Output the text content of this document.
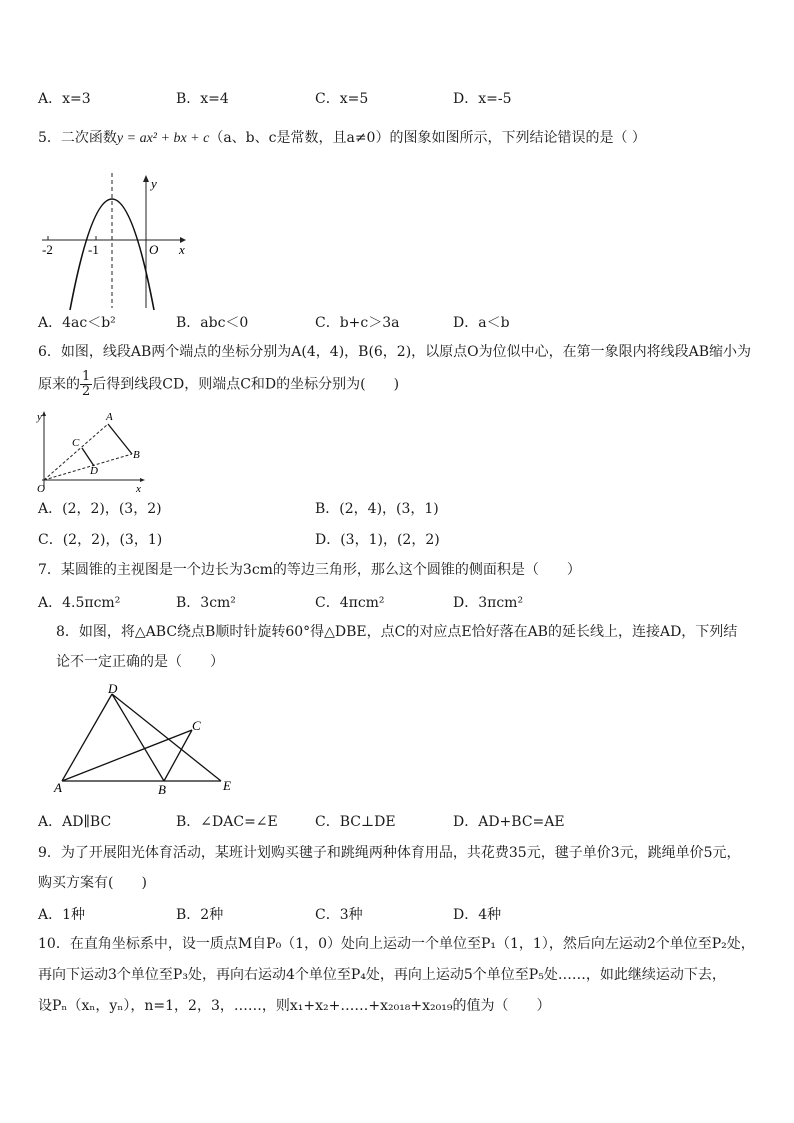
A．x=3	B．x=4	C．x=5	D．x=-5
5．二次函数y = ax² + bx + c（a、b、c是常数，且a≠0）的图象如图所示，下列结论错误的是（ ）
-2	-1	O x
y
A．4ac＜b²	B．abc＜0	C．b+c＞3a	D．a＜b
6．如图，线段AB两个端点的坐标分别为A(4，4)，B(6，2)，以原点O为位似中心，在第一象限内将线段AB缩小为
原来的 $\frac{1}{2}$ 后得到线段CD，则端点C和D的坐标分别为(　　)
y	A
C
B
D
O	x
A．(2，2)，(3，2)	B．(2，4)，(3，1)
C．(2，2)，(3，1)	D．(3，1)，(2，2)
7．某圆锥的主视图是一个边长为3cm的等边三角形，那么这个圆锥的侧面积是（　　）
A．4.5πcm²	B．3cm²	C．4πcm²	D．3πcm²
8．如图，将△ABC绕点B顺时针旋转60°得△DBE，点C的对应点E恰好落在AB的延长线上，连接AD，下列结
论不一定正确的是（　　）
D
C
A	B	E
A．AD∥BC	B．∠DAC=∠E	C．BC⊥DE	D．AD+BC=AE
9．为了开展阳光体育活动，某班计划购买毽子和跳绳两种体育用品，共花费35元，毽子单价3元，跳绳单价5元，
购买方案有(　　)
A．1种	B．2种	C．3种	D．4种
10．在直角坐标系中，设一质点M自P₀（1，0）处向上运动一个单位至P₁（1，1），然后向左运动2个单位至P₂处，
再向下运动3个单位至P₃处，再向右运动4个单位至P₄处，再向上运动5个单位至P₅处……，如此继续运动下去，
设Pₙ（xₙ，yₙ），n=1，2，3，……，则x₁+x₂+……+x₂₀₁₈+x₂₀₁₉的值为（　　）
